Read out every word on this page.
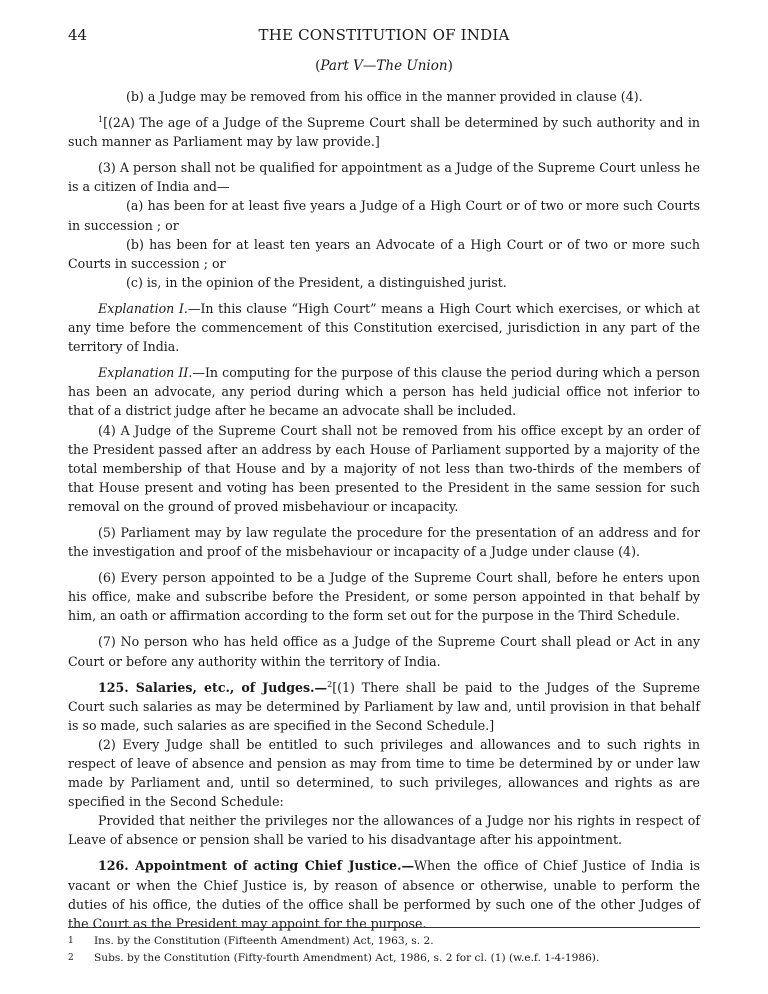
44	THE CONSTITUTION OF INDIA
(Part V—The Union)

(b) a Judge may be removed from his office in the manner provided in clause (4).

$^1$[(2A) The age of a Judge of the Supreme Court shall be determined by such authority and in such manner as Parliament may by law provide.]

(3) A person shall not be qualified for appointment as a Judge of the Supreme Court unless he is a citizen of India and—

(a) has been for at least five years a Judge of a High Court or of two or more such Courts in succession ; or

(b) has been for at least ten years an Advocate of a High Court or of two or more such Courts in succession ; or

(c) is, in the opinion of the President, a distinguished jurist.

Explanation I.—In this clause “High Court” means a High Court which exercises, or which at any time before the commencement of this Constitution exercised, jurisdiction in any part of the territory of India.

Explanation II.—In computing for the purpose of this clause the period during which a person has been an advocate, any period during which a person has held judicial office not inferior to that of a district judge after he became an advocate shall be included.

(4) A Judge of the Supreme Court shall not be removed from his office except by an order of the President passed after an address by each House of Parliament supported by a majority of the total membership of that House and by a majority of not less than two-thirds of the members of that House present and voting has been presented to the President in the same session for such removal on the ground of proved misbehaviour or incapacity.

(5) Parliament may by law regulate the procedure for the presentation of an address and for the investigation and proof of the misbehaviour or incapacity of a Judge under clause (4).

(6) Every person appointed to be a Judge of the Supreme Court shall, before he enters upon his office, make and subscribe before the President, or some person appointed in that behalf by him, an oath or affirmation according to the form set out for the purpose in the Third Schedule.

(7) No person who has held office as a Judge of the Supreme Court shall plead or Act in any Court or before any authority within the territory of India.

125. Salaries, etc., of Judges.—$^2$[(1) There shall be paid to the Judges of the Supreme Court such salaries as may be determined by Parliament by law and, until provision in that behalf is so made, such salaries as are specified in the Second Schedule.]

(2) Every Judge shall be entitled to such privileges and allowances and to such rights in respect of leave of absence and pension as may from time to time be determined by or under law made by Parliament and, until so determined, to such privileges, allowances and rights as are specified in the Second Schedule:

Provided that neither the privileges nor the allowances of a Judge nor his rights in respect of Leave of absence or pension shall be varied to his disadvantage after his appointment.

126. Appointment of acting Chief Justice.—When the office of Chief Justice of India is vacant or when the Chief Justice is, by reason of absence or otherwise, unable to perform the duties of his office, the duties of the office shall be performed by such one of the other Judges of the Court as the President may appoint for the purpose.

1	Ins. by the Constitution (Fifteenth Amendment) Act, 1963, s. 2.
2	Subs. by the Constitution (Fifty-fourth Amendment) Act, 1986, s. 2 for cl. (1) (w.e.f. 1-4-1986).
